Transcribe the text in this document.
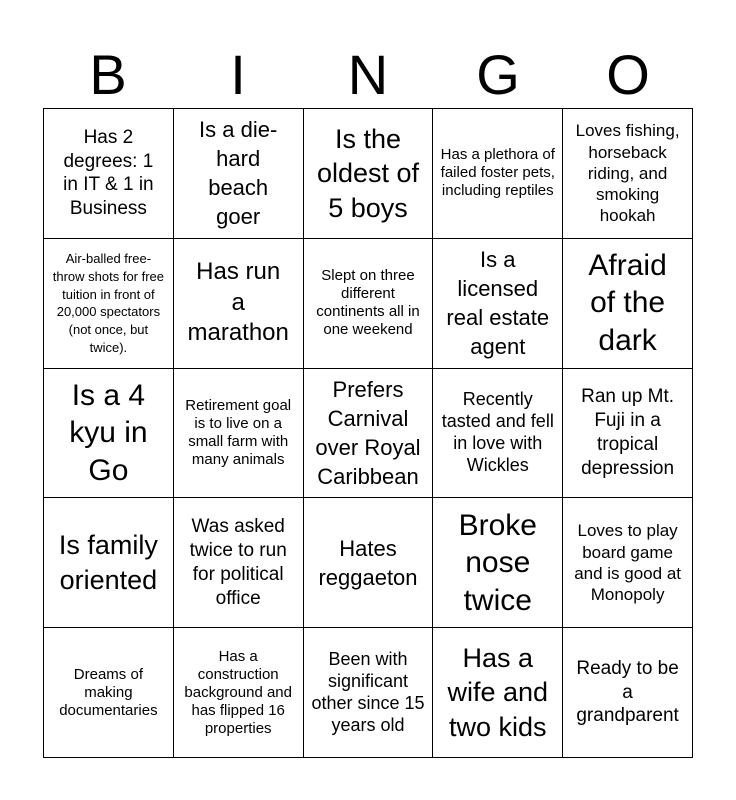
B	I	N	G	O
Has 2 degrees: 1 in IT & 1 in Business
Is a die-hard beach goer
Is the oldest of 5 boys
Has a plethora of failed foster pets, including reptiles
Loves fishing, horseback riding, and smoking hookah
Air-balled free-throw shots for free tuition in front of 20,000 spectators (not once, but twice).
Has run a marathon
Slept on three different continents all in one weekend
Is a licensed real estate agent
Afraid of the dark
Is a 4 kyu in Go
Retirement goal is to live on a small farm with many animals
Prefers Carnival over Royal Caribbean
Recently tasted and fell in love with Wickles
Ran up Mt. Fuji in a tropical depression
Is family oriented
Was asked twice to run for political office
Hates reggaeton
Broke nose twice
Loves to play board game and is good at Monopoly
Dreams of making documentaries
Has a construction background and has flipped 16 properties
Been with significant other since 15 years old
Has a wife and two kids
Ready to be a grandparent
